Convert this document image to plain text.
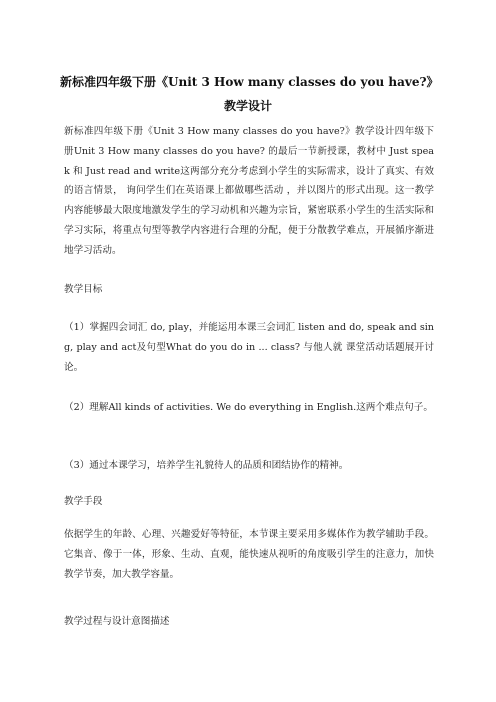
新标准四年级下册《Unit 3 How many classes do you have?》
教学设计

新标准四年级下册《Unit 3 How many classes do you have?》教学设计四年级下册Unit 3 How many classes do you have? 的最后一节新授课，教材中 Just speak 和 Just read and write这两部分充分考虑到小学生的实际需求，设计了真实、有效的语言情景， 询问学生们在英语课上都做哪些活动 ，并以图片的形式出现。这一教学内容能够最大限度地激发学生的学习动机和兴趣为宗旨，紧密联系小学生的生活实际和学习实际，将重点句型等教学内容进行合理的分配，便于分散教学难点，开展循序渐进地学习活动。

教学目标

（1）掌握四会词汇 do, play，并能运用本课三会词汇 listen and do, speak and sing, play and act及句型What do you do in ... class? 与他人就 课堂活动话题展开讨论。

（2）理解All kinds of activities. We do everything in English.这两个难点句子。

（3）通过本课学习，培养学生礼貌待人的品质和团结协作的精神。

教学手段

依据学生的年龄、心理、兴趣爱好等特征，本节课主要采用多媒体作为教学辅助手段。它集音、像于一体，形象、生动、直观，能快速从视听的角度吸引学生的注意力，加快教学节奏，加大教学容量。

教学过程与设计意图描述
